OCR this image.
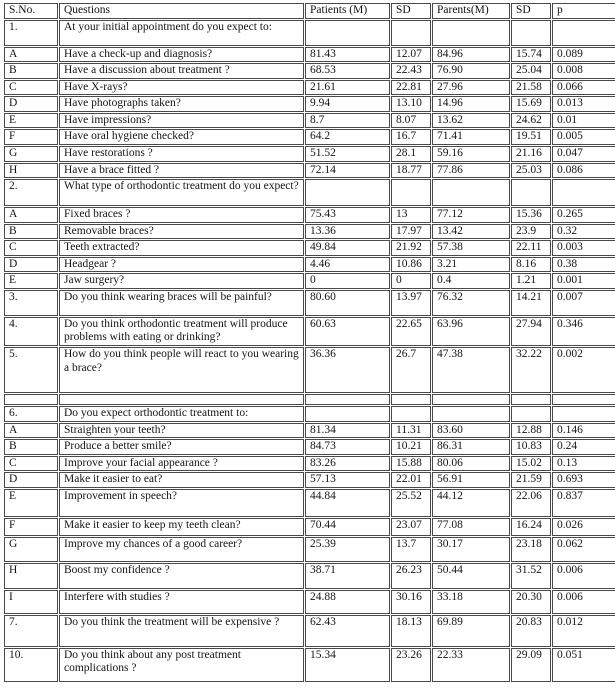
S.No.	Questions	Patients (M)	SD	Parents(M)	SD	p
1.	At your initial appointment do you expect to:					
A	Have a check-up and diagnosis?	81.43	12.07	84.96	15.74	0.089
B	Have a discussion about treatment ?	68.53	22.43	76.90	25.04	0.008
C	Have X-rays?	21.61	22.81	27.96	21.58	0.066
D	Have photographs taken?	9.94	13.10	14.96	15.69	0.013
E	Have impressions?	8.7	8.07	13.62	24.62	0.01
F	Have oral hygiene checked?	64.2	16.7	71.41	19.51	0.005
G	Have restorations ?	51.52	28.1	59.16	21.16	0.047
H	Have a brace fitted ?	72.14	18.77	77.86	25.03	0.086
2.	What type of orthodontic treatment do you expect?					
A	Fixed braces ?	75.43	13	77.12	15.36	0.265
B	Removable braces?	13.36	17.97	13.42	23.9	0.32
C	Teeth extracted?	49.84	21.92	57.38	22.11	0.003
D	Headgear ?	4.46	10.86	3.21	8.16	0.38
E	Jaw surgery?	0	0	0.4	1.21	0.001
3.	Do you think wearing braces will be painful?	80.60	13.97	76.32	14.21	0.007
4.	Do you think orthodontic treatment will produce problems with eating or drinking?	60.63	22.65	63.96	27.94	0.346
5.	How do you think people will react to you wearing a brace?	36.36	26.7	47.38	32.22	0.002

6.	Do you expect orthodontic treatment to:					
A	Straighten your teeth?	81.34	11.31	83.60	12.88	0.146
B	Produce a better smile?	84.73	10.21	86.31	10.83	0.24
C	Improve your facial appearance ?	83.26	15.88	80.06	15.02	0.13
D	Make it easier to eat?	57.13	22.01	56.91	21.59	0.693
E	Improvement in speech?	44.84	25.52	44.12	22.06	0.837
F	Make it easier to keep my teeth clean?	70.44	23.07	77.08	16.24	0.026
G	Improve my chances of a good career?	25.39	13.7	30.17	23.18	0.062
H	Boost my confidence ?	38.71	26.23	50.44	31.52	0.006
I	Interfere with studies ?	24.88	30.16	33.18	20.30	0.006
7.	Do you think the treatment will be expensive ?	62.43	18.13	69.89	20.83	0.012
10.	Do you think about any post treatment complications ?	15.34	23.26	22.33	29.09	0.051
